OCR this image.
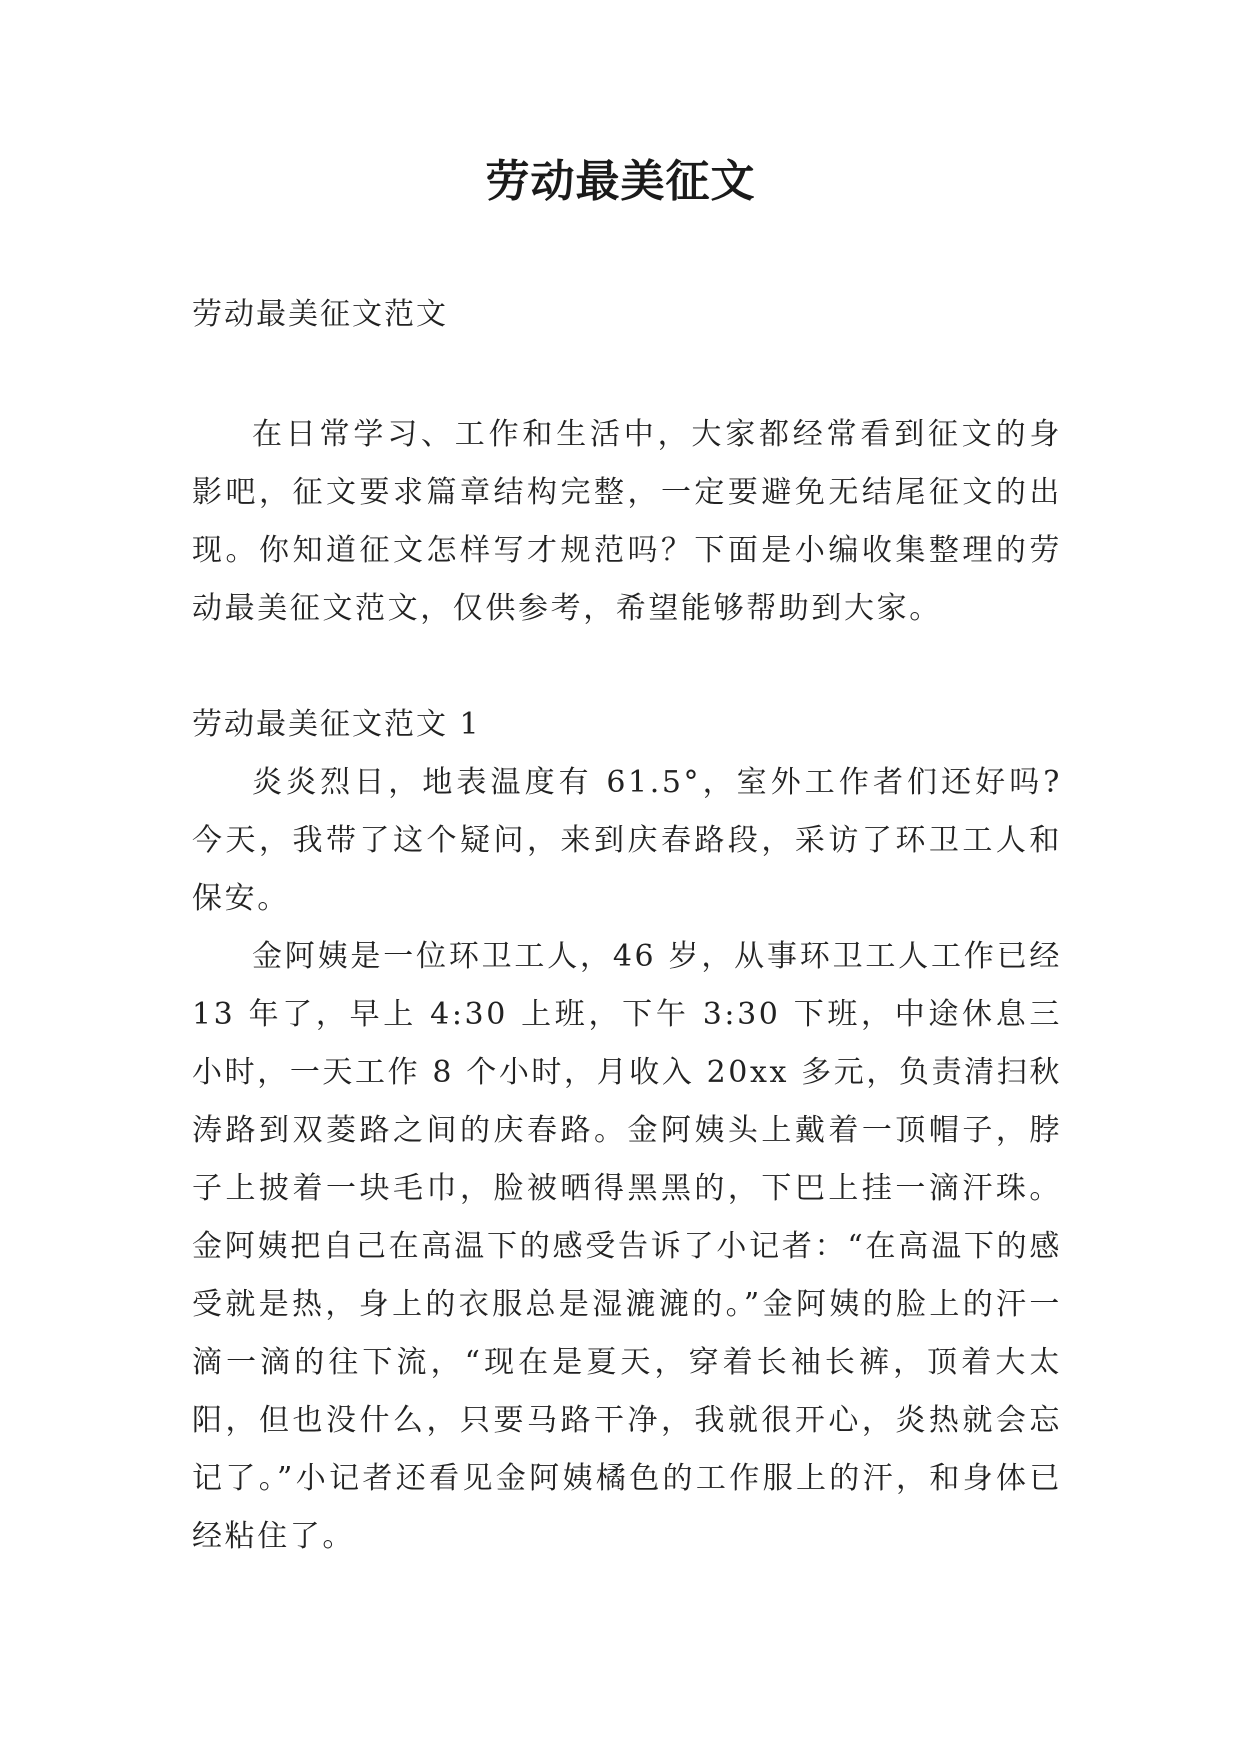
劳动最美征文

劳动最美征文范文

在日常学习、工作和生活中，大家都经常看到征文的身影吧，征文要求篇章结构完整，一定要避免无结尾征文的出现。你知道征文怎样写才规范吗？下面是小编收集整理的劳动最美征文范文，仅供参考，希望能够帮助到大家。

劳动最美征文范文 1

炎炎烈日，地表温度有 61.5°，室外工作者们还好吗?今天，我带了这个疑问，来到庆春路段，采访了环卫工人和保安。

金阿姨是一位环卫工人，46 岁，从事环卫工人工作已经 13 年了，早上 4:30 上班，下午 3:30 下班，中途休息三小时，一天工作 8 个小时，月收入 20xx 多元，负责清扫秋涛路到双菱路之间的庆春路。金阿姨头上戴着一顶帽子，脖子上披着一块毛巾，脸被晒得黑黑的，下巴上挂一滴汗珠。金阿姨把自己在高温下的感受告诉了小记者：“在高温下的感受就是热，身上的衣服总是湿漉漉的。”金阿姨的脸上的汗一滴一滴的往下流，“现在是夏天，穿着长袖长裤，顶着大太阳，但也没什么，只要马路干净，我就很开心，炎热就会忘记了。”小记者还看见金阿姨橘色的工作服上的汗，和身体已经粘住了。
